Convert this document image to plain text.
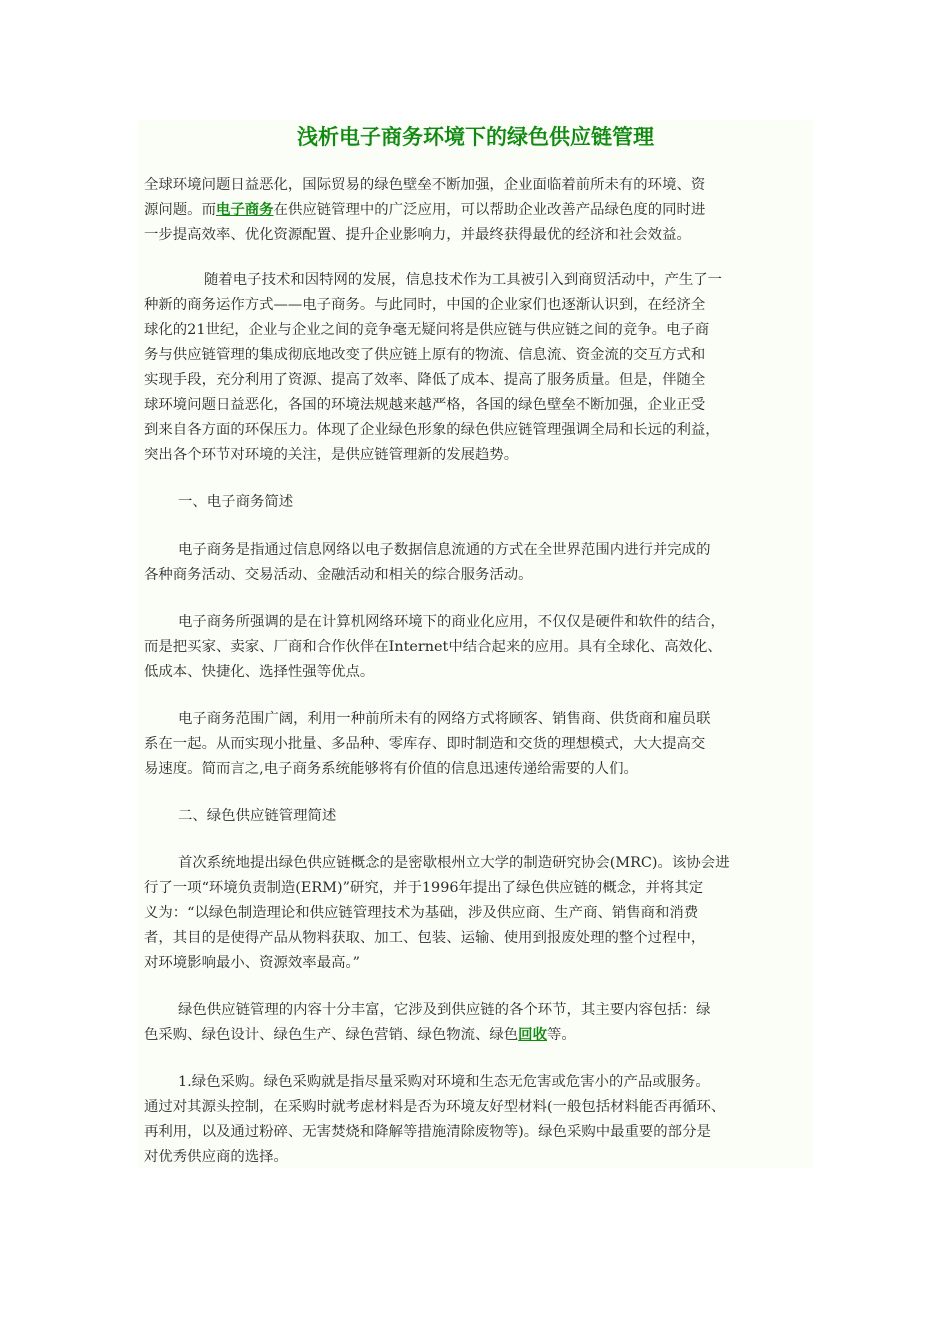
浅析电子商务环境下的绿色供应链管理
全球环境问题日益恶化，国际贸易的绿色壁垒不断加强，企业面临着前所未有的环境、资
源问题。而电子商务在供应链管理中的广泛应用，可以帮助企业改善产品绿色度的同时进
一步提高效率、优化资源配置、提升企业影响力，并最终获得最优的经济和社会效益。
随着电子技术和因特网的发展，信息技术作为工具被引入到商贸活动中，产生了一
种新的商务运作方式——电子商务。与此同时，中国的企业家们也逐渐认识到，在经济全
球化的21世纪，企业与企业之间的竞争毫无疑问将是供应链与供应链之间的竞争。电子商
务与供应链管理的集成彻底地改变了供应链上原有的物流、信息流、资金流的交互方式和
实现手段，充分利用了资源、提高了效率、降低了成本、提高了服务质量。但是，伴随全
球环境问题日益恶化，各国的环境法规越来越严格，各国的绿色壁垒不断加强，企业正受
到来自各方面的环保压力。体现了企业绿色形象的绿色供应链管理强调全局和长远的利益，
突出各个环节对环境的关注，是供应链管理新的发展趋势。
一、电子商务简述
电子商务是指通过信息网络以电子数据信息流通的方式在全世界范围内进行并完成的
各种商务活动、交易活动、金融活动和相关的综合服务活动。
电子商务所强调的是在计算机网络环境下的商业化应用，不仅仅是硬件和软件的结合，
而是把买家、卖家、厂商和合作伙伴在Internet中结合起来的应用。具有全球化、高效化、
低成本、快捷化、选择性强等优点。
电子商务范围广阔，利用一种前所未有的网络方式将顾客、销售商、供货商和雇员联
系在一起。从而实现小批量、多品种、零库存、即时制造和交货的理想模式，大大提高交
易速度。简而言之,电子商务系统能够将有价值的信息迅速传递给需要的人们。
二、绿色供应链管理简述
首次系统地提出绿色供应链概念的是密歇根州立大学的制造研究协会(MRC)。该协会进
行了一项“环境负责制造(ERM)”研究，并于1996年提出了绿色供应链的概念，并将其定
义为：“以绿色制造理论和供应链管理技术为基础，涉及供应商、生产商、销售商和消费
者，其目的是使得产品从物料获取、加工、包装、运输、使用到报废处理的整个过程中，
对环境影响最小、资源效率最高。”
绿色供应链管理的内容十分丰富，它涉及到供应链的各个环节，其主要内容包括：绿
色采购、绿色设计、绿色生产、绿色营销、绿色物流、绿色回收等。
1.绿色采购。绿色采购就是指尽量采购对环境和生态无危害或危害小的产品或服务。
通过对其源头控制，在采购时就考虑材料是否为环境友好型材料(一般包括材料能否再循环、
再利用，以及通过粉碎、无害焚烧和降解等措施清除废物等)。绿色采购中最重要的部分是
对优秀供应商的选择。
